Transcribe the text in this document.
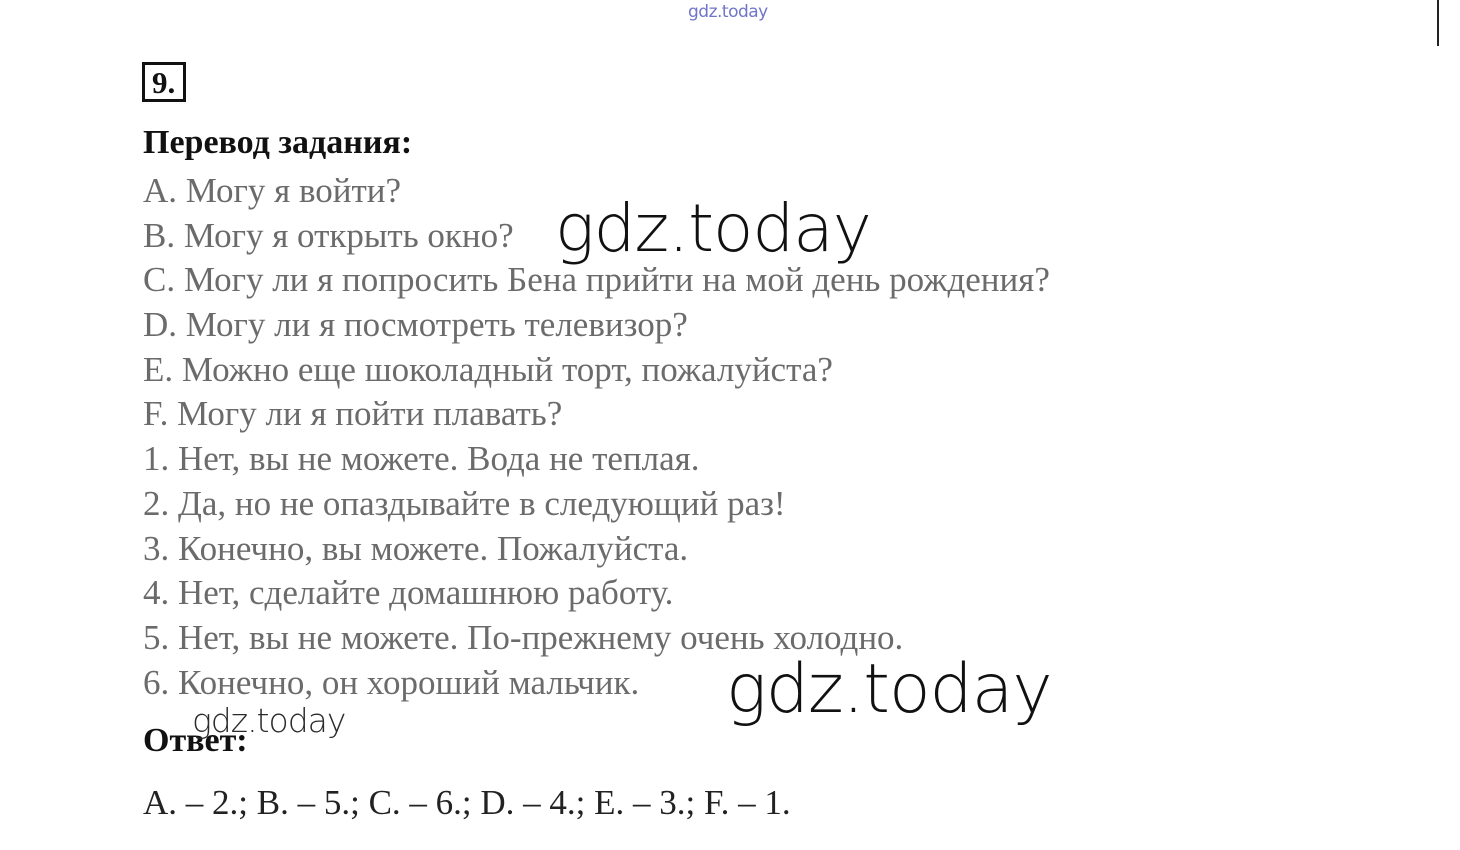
gdz.today
9.
Перевод задания:
A. Могу я войти?
B. Могу я открыть окно?
C. Могу ли я попросить Бена прийти на мой день рождения?
D. Могу ли я посмотреть телевизор?
E. Можно еще шоколадный торт, пожалуйста?
F. Могу ли я пойти плавать?
1. Нет, вы не можете. Вода не теплая.
2. Да, но не опаздывайте в следующий раз!
3. Конечно, вы можете. Пожалуйста.
4. Нет, сделайте домашнюю работу.
5. Нет, вы не можете. По-прежнему очень холодно.
6. Конечно, он хороший мальчик.
Ответ:
A. – 2.; B. – 5.; C. – 6.; D. – 4.; E. – 3.; F. – 1.
gdz.today
gdz.today
gdz.today
